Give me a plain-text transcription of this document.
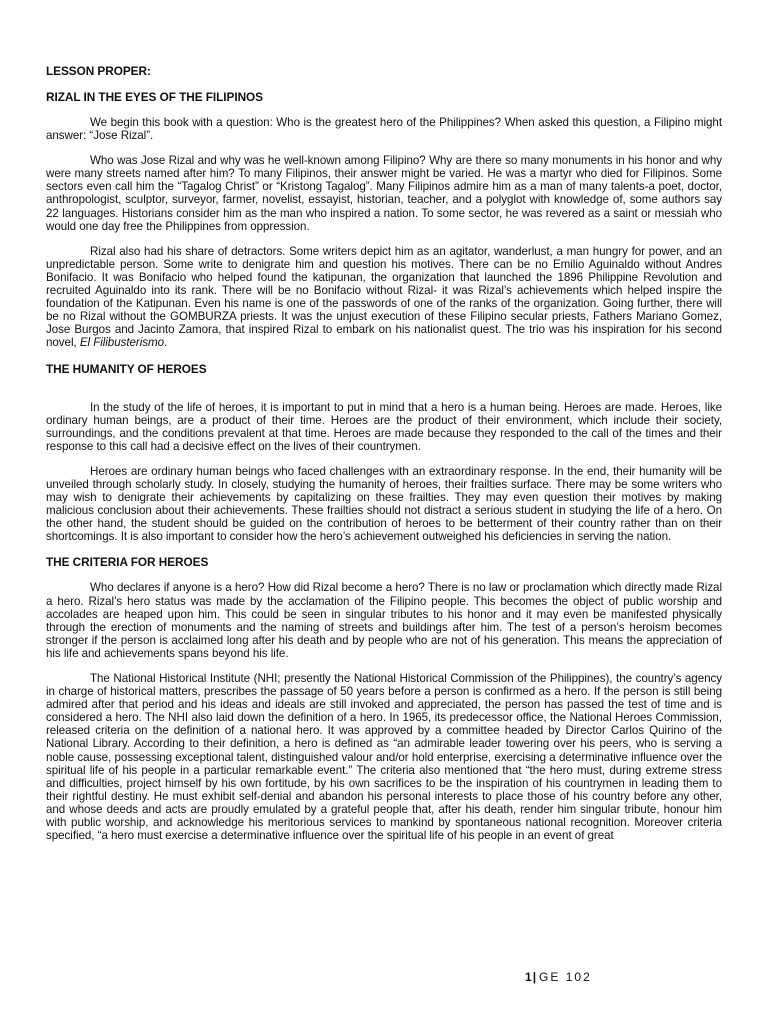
LESSON PROPER:
RIZAL IN THE EYES OF THE FILIPINOS

We begin this book with a question: Who is the greatest hero of the Philippines? When asked this question, a Filipino might answer: “Jose Rizal”.

Who was Jose Rizal and why was he well-known among Filipino? Why are there so many monuments in his honor and why were many streets named after him? To many Filipinos, their answer might be varied. He was a martyr who died for Filipinos. Some sectors even call him the “Tagalog Christ” or “Kristong Tagalog”. Many Filipinos admire him as a man of many talents-a poet, doctor, anthropologist, sculptor, surveyor, farmer, novelist, essayist, historian, teacher, and a polyglot with knowledge of, some authors say 22 languages. Historians consider him as the man who inspired a nation. To some sector, he was revered as a saint or messiah who would one day free the Philippines from oppression.

Rizal also had his share of detractors. Some writers depict him as an agitator, wanderlust, a man hungry for power, and an unpredictable person. Some write to denigrate him and question his motives. There can be no Emilio Aguinaldo without Andres Bonifacio. It was Bonifacio who helped found the katipunan, the organization that launched the 1896 Philippine Revolution and recruited Aguinaldo into its rank. There will be no Bonifacio without Rizal- it was Rizal’s achievements which helped inspire the foundation of the Katipunan. Even his name is one of the passwords of one of the ranks of the organization. Going further, there will be no Rizal without the GOMBURZA priests. It was the unjust execution of these Filipino secular priests, Fathers Mariano Gomez, Jose Burgos and Jacinto Zamora, that inspired Rizal to embark on his nationalist quest. The trio was his inspiration for his second novel, El Filibusterismo.

THE HUMANITY OF HEROES

In the study of the life of heroes, it is important to put in mind that a hero is a human being. Heroes are made. Heroes, like ordinary human beings, are a product of their time. Heroes are the product of their environment, which include their society, surroundings, and the conditions prevalent at that time. Heroes are made because they responded to the call of the times and their response to this call had a decisive effect on the lives of their countrymen.

Heroes are ordinary human beings who faced challenges with an extraordinary response. In the end, their humanity will be unveiled through scholarly study. In closely, studying the humanity of heroes, their frailties surface. There may be some writers who may wish to denigrate their achievements by capitalizing on these frailties. They may even question their motives by making malicious conclusion about their achievements. These frailties should not distract a serious student in studying the life of a hero. On the other hand, the student should be guided on the contribution of heroes to be betterment of their country rather than on their shortcomings. It is also important to consider how the hero’s achievement outweighed his deficiencies in serving the nation.

THE CRITERIA FOR HEROES

Who declares if anyone is a hero? How did Rizal become a hero? There is no law or proclamation which directly made Rizal a hero. Rizal’s hero status was made by the acclamation of the Filipino people. This becomes the object of public worship and accolades are heaped upon him. This could be seen in singular tributes to his honor and it may even be manifested physically through the erection of monuments and the naming of streets and buildings after him. The test of a person’s heroism becomes stronger if the person is acclaimed long after his death and by people who are not of his generation. This means the appreciation of his life and achievements spans beyond his life.

The National Historical Institute (NHI; presently the National Historical Commission of the Philippines), the country’s agency in charge of historical matters, prescribes the passage of 50 years before a person is confirmed as a hero. If the person is still being admired after that period and his ideas and ideals are still invoked and appreciated, the person has passed the test of time and is considered a hero. The NHI also laid down the definition of a hero. In 1965, its predecessor office, the National Heroes Commission, released criteria on the definition of a national hero. It was approved by a committee headed by Director Carlos Quirino of the National Library. According to their definition, a hero is defined as “an admirable leader towering over his peers, who is serving a noble cause, possessing exceptional talent, distinguished valour and/or hold enterprise, exercising a determinative influence over the spiritual life of his people in a particular remarkable event.” The criteria also mentioned that “the hero must, during extreme stress and difficulties, project himself by his own fortitude, by his own sacrifices to be the inspiration of his countrymen in leading them to their rightful destiny. He must exhibit self-denial and abandon his personal interests to place those of his country before any other, and whose deeds and acts are proudly emulated by a grateful people that, after his death, render him singular tribute, honour him with public worship, and acknowledge his meritorious services to mankind by spontaneous national recognition. Moreover criteria specified, “a hero must exercise a determinative influence over the spiritual life of his people in an event of great

1| GE 102
